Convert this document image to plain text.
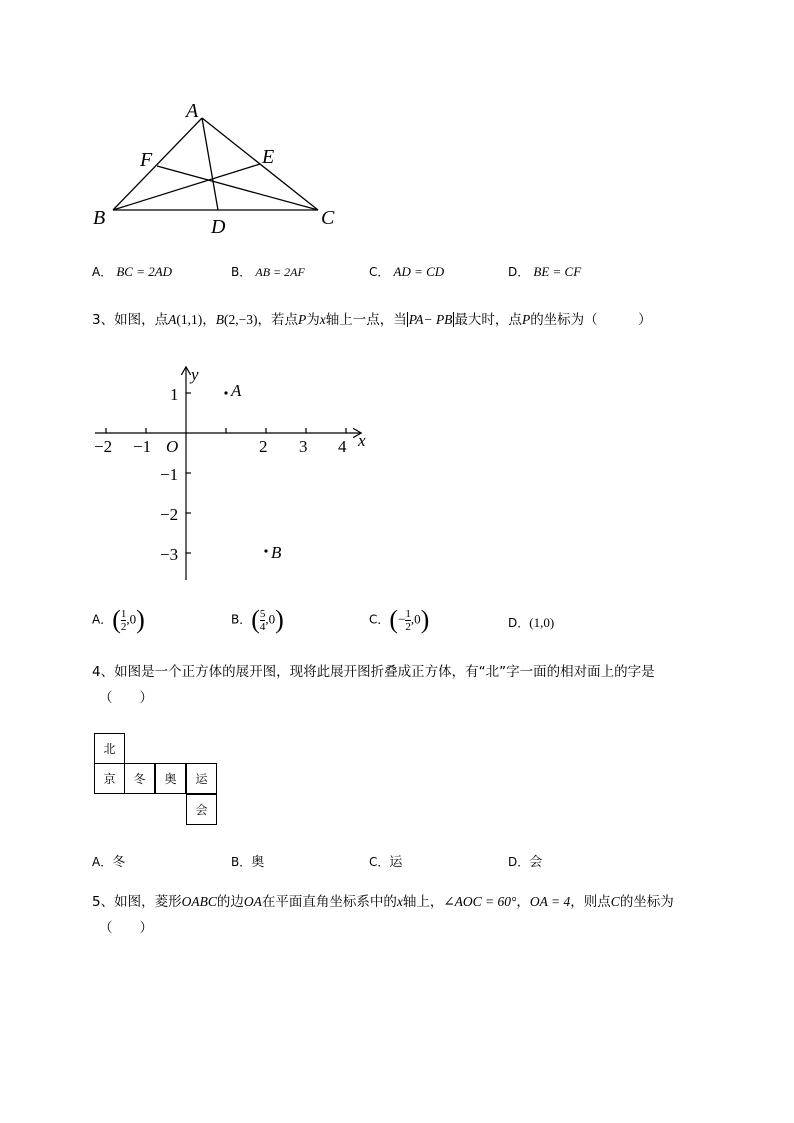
A
B	C
D
E
F
A． BC = 2AD	B． AB = 2AF	C． AD = CD	D． BE = CF
3、如图，点A(1,1)，B(2,−3)，若点P为x轴上一点，当 PA− PB 最大时，点P的坐标为（　　　）
−2 −1	2 3 4
1
−1
−2
−3
O	x
y
A
B
A．( $\frac{1}{2} ,0$)	B．( $\frac{5}{4} ,0$)	C．(− $\frac{1}{2} ,0$)	D．(1,0)
4、如图是一个正方体的展开图，现将此展开图折叠成正方体，有“北”字一面的相对面上的字是
（　　）
北
京	冬	奥	运
会
A．冬	B．奥	C．运	D．会
5、如图，菱形OABC的边OA在平面直角坐标系中的x轴上，∠AOC = 60°，OA = 4，则点C的坐标为
（　　）
